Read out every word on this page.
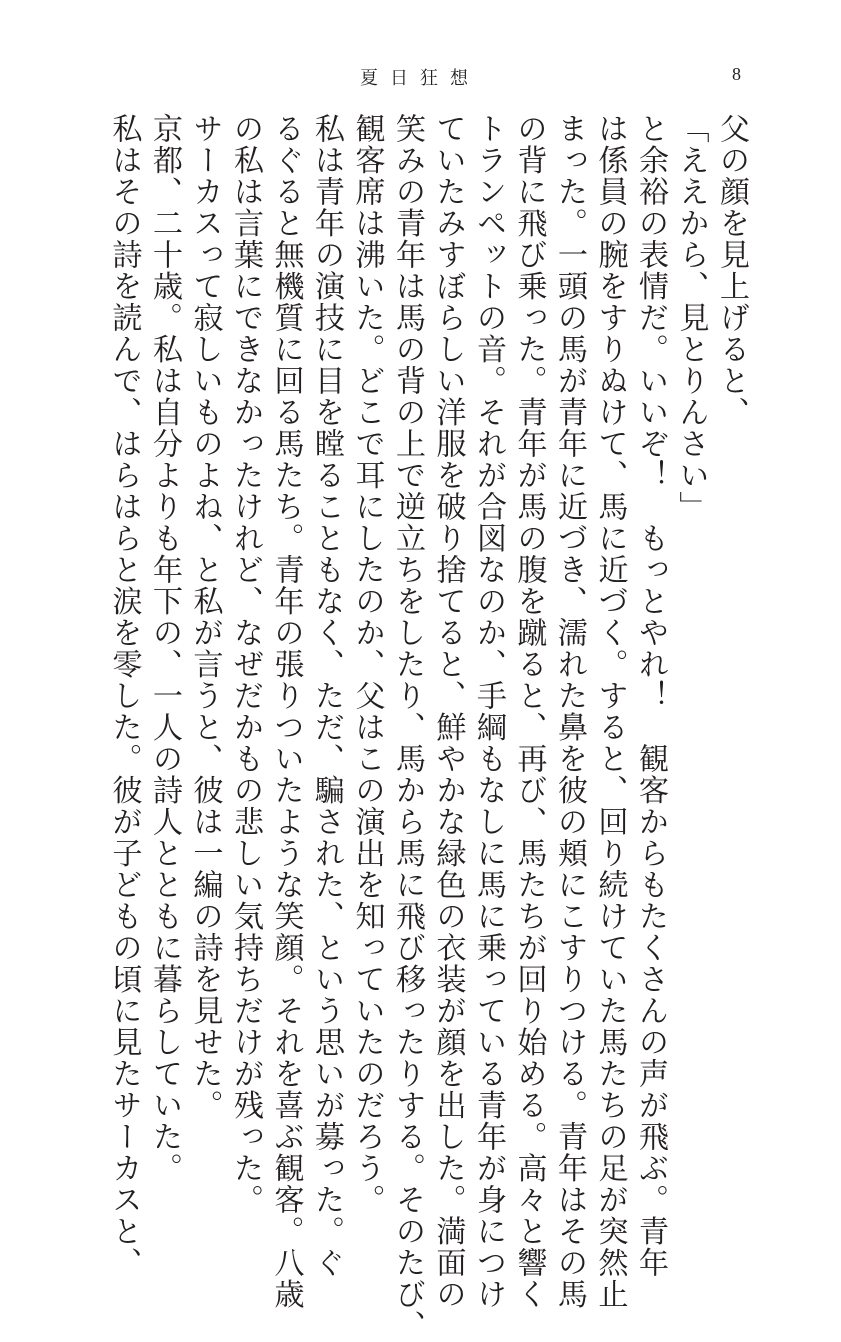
夏日狂想	8
父の顔を見上げると、
「ええから、見とりんさい」
と余裕の表情だ。いいぞ！　もっとやれ！　観客からもたくさんの声が飛ぶ。青年
は係員の腕をすりぬけて、馬に近づく。すると、回り続けていた馬たちの足が突然止
まった。一頭の馬が青年に近づき、濡れた鼻を彼の頬にこすりつける。青年はその馬
の背に飛び乗った。青年が馬の腹を蹴ると、再び、馬たちが回り始める。高々と響く
トランペットの音。それが合図なのか、手綱もなしに馬に乗っている青年が身につけ
ていたみすぼらしい洋服を破り捨てると、鮮やかな緑色の衣装が顔を出した。満面の
笑みの青年は馬の背の上で逆立ちをしたり、馬から馬に飛び移ったりする。そのたび、
観客席は沸いた。どこで耳にしたのか、父はこの演出を知っていたのだろう。
私は青年の演技に目を瞠ることもなく、ただ、騙された、という思いが募った。ぐ
るぐると無機質に回る馬たち。青年の張りついたような笑顔。それを喜ぶ観客。八歳
の私は言葉にできなかったけれど、なぜだかもの悲しい気持ちだけが残った。
サーカスって寂しいものよね、と私が言うと、彼は一編の詩を見せた。
京都、二十歳。私は自分よりも年下の、一人の詩人とともに暮らしていた。
私はその詩を読んで、はらはらと涙を零した。彼が子どもの頃に見たサーカスと、
